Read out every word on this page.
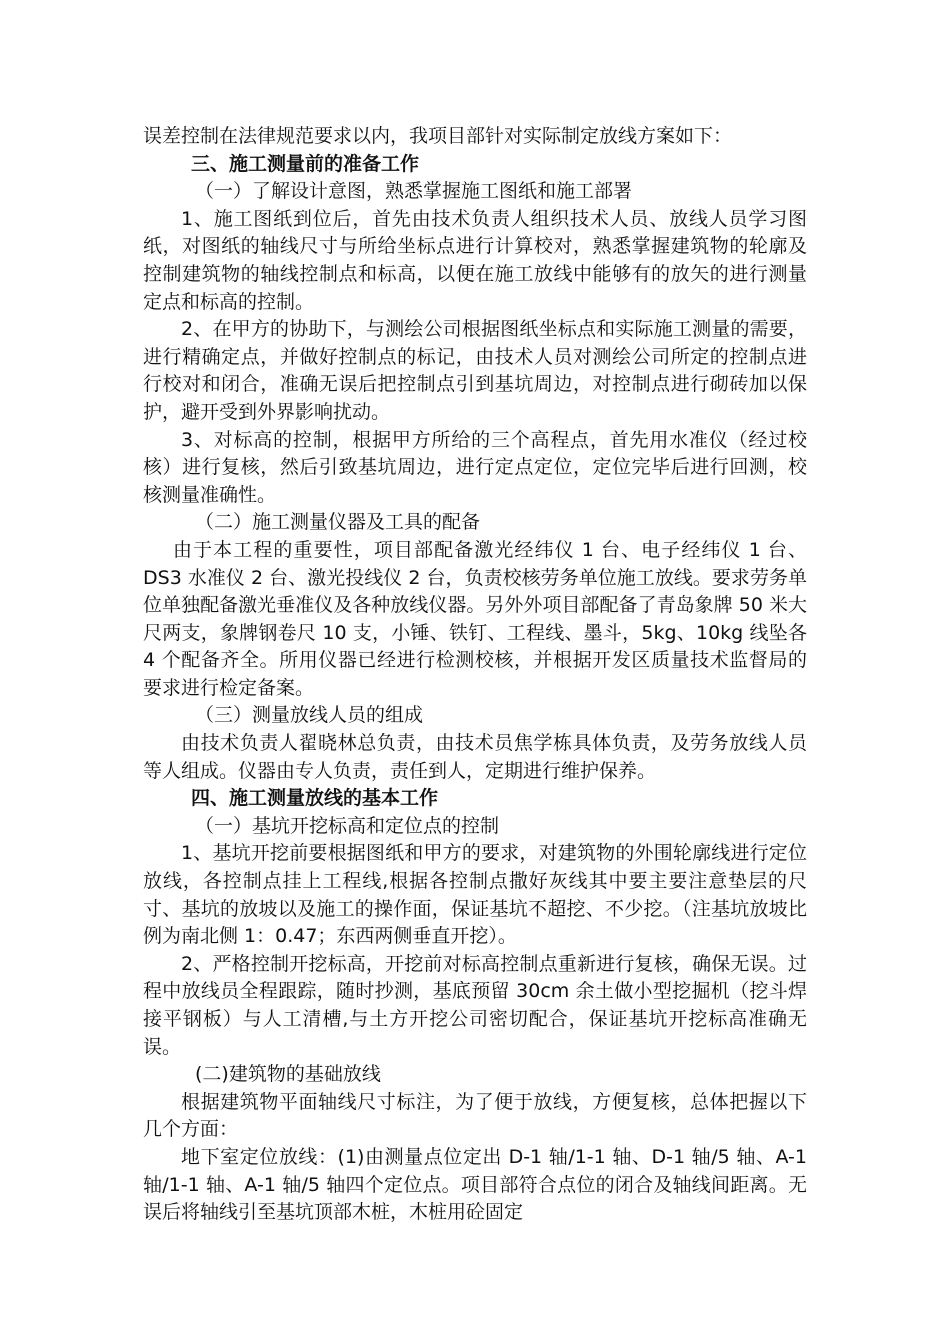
误差控制在法律规范要求以内，我项目部针对实际制定放线方案如下：

三、施工测量前的准备工作

（一）了解设计意图，熟悉掌握施工图纸和施工部署

1、施工图纸到位后，首先由技术负责人组织技术人员、放线人员学习图纸，对图纸的轴线尺寸与所给坐标点进行计算校对，熟悉掌握建筑物的轮廓及控制建筑物的轴线控制点和标高，以便在施工放线中能够有的放矢的进行测量定点和标高的控制。

2、在甲方的协助下，与测绘公司根据图纸坐标点和实际施工测量的需要，进行精确定点，并做好控制点的标记，由技术人员对测绘公司所定的控制点进行校对和闭合，准确无误后把控制点引到基坑周边，对控制点进行砌砖加以保护，避开受到外界影响扰动。

3、对标高的控制，根据甲方所给的三个高程点，首先用水准仪（经过校核）进行复核，然后引致基坑周边，进行定点定位，定位完毕后进行回测，校核测量准确性。

（二）施工测量仪器及工具的配备

由于本工程的重要性，项目部配备激光经纬仪 1 台、电子经纬仪 1 台、DS3 水准仪 2 台、激光投线仪 2 台，负责校核劳务单位施工放线。要求劳务单位单独配备激光垂准仪及各种放线仪器。另外外项目部配备了青岛象牌 50 米大尺两支，象牌钢卷尺 10 支，小锤、铁钉、工程线、墨斗，5kg、10kg 线坠各 4 个配备齐全。所用仪器已经进行检测校核，并根据开发区质量技术监督局的要求进行检定备案。

（三）测量放线人员的组成

由技术负责人翟晓林总负责，由技术员焦学栋具体负责，及劳务放线人员等人组成。仪器由专人负责，责任到人，定期进行维护保养。

四、施工测量放线的基本工作

（一）基坑开挖标高和定位点的控制

1、基坑开挖前要根据图纸和甲方的要求，对建筑物的外围轮廓线进行定位放线，各控制点挂上工程线,根据各控制点撒好灰线其中要主要注意垫层的尺寸、基坑的放坡以及施工的操作面，保证基坑不超挖、不少挖。（注基坑放坡比例为南北侧 1：0.47；东西两侧垂直开挖）。

2、严格控制开挖标高，开挖前对标高控制点重新进行复核，确保无误。过程中放线员全程跟踪，随时抄测，基底预留 30cm 余土做小型挖掘机（挖斗焊接平钢板）与人工清槽,与土方开挖公司密切配合，保证基坑开挖标高准确无误。

(二)建筑物的基础放线

根据建筑物平面轴线尺寸标注，为了便于放线，方便复核，总体把握以下几个方面：

地下室定位放线：(1)由测量点位定出 D-1 轴/1-1 轴、D-1 轴/5 轴、A-1 轴/1-1 轴、A-1 轴/5 轴四个定位点。项目部符合点位的闭合及轴线间距离。无误后将轴线引至基坑顶部木桩，木桩用砼固定
